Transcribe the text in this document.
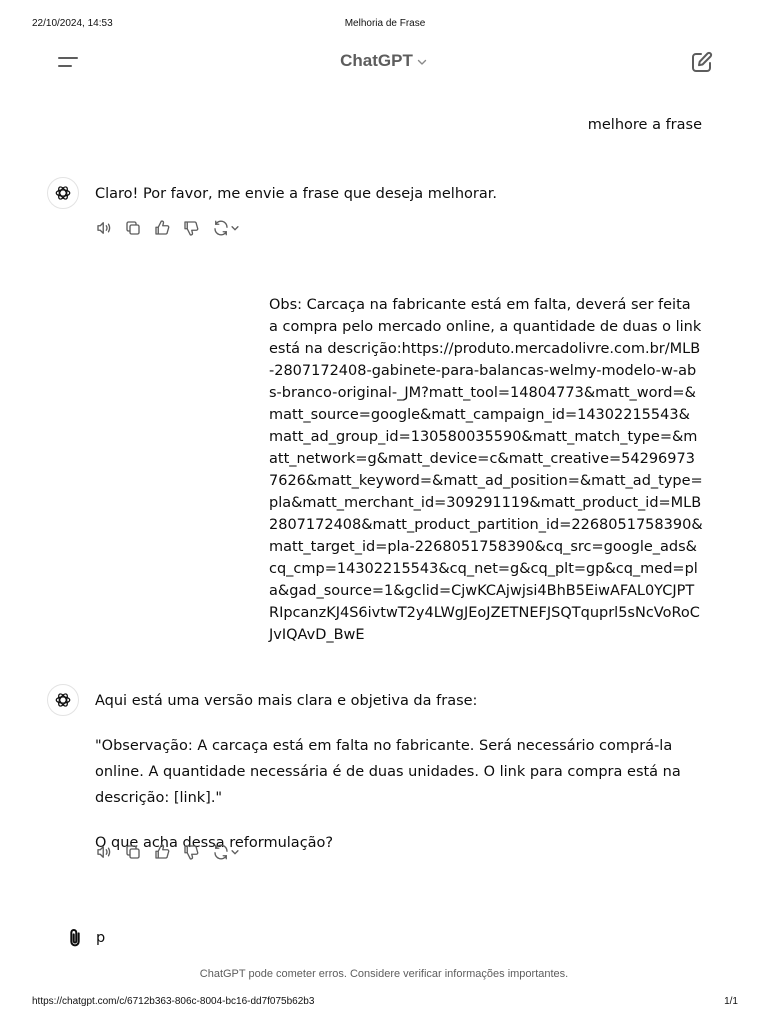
22/10/2024, 14:53	Melhoria de Frase
ChatGPT
melhore a frase

Claro! Por favor, me envie a frase que deseja melhorar.

Obs: Carcaça na fabricante está em falta, deverá ser feita a compra pelo mercado online, a quantidade de duas o link está na descrição:https://produto.mercadolivre.com.br/MLB-2807172408-gabinete-para-balancas-welmy-modelo-w-abs-branco-original-_JM?matt_tool=14804773&matt_word=&matt_source=google&matt_campaign_id=14302215543&matt_ad_group_id=130580035590&matt_match_type=&matt_network=g&matt_device=c&matt_creative=542969737626&matt_keyword=&matt_ad_position=&matt_ad_type=pla&matt_merchant_id=309291119&matt_product_id=MLB2807172408&matt_product_partition_id=2268051758390&matt_target_id=pla-2268051758390&cq_src=google_ads&cq_cmp=14302215543&cq_net=g&cq_plt=gp&cq_med=pla&gad_source=1&gclid=CjwKCAjwjsi4BhB5EiwAFAL0YCJPTRIpcanzKJ4S6ivtwT2y4LWgJEoJZETNEFJSQTquprl5sNcVoRoCJvIQAvD_BwE

Aqui está uma versão mais clara e objetiva da frase:

"Observação: A carcaça está em falta no fabricante. Será necessário comprá-la online. A quantidade necessária é de duas unidades. O link para compra está na descrição: [link]."

O que acha dessa reformulação?

p
ChatGPT pode cometer erros. Considere verificar informações importantes.
https://chatgpt.com/c/6712b363-806c-8004-bc16-dd7f075b62b3	1/1
